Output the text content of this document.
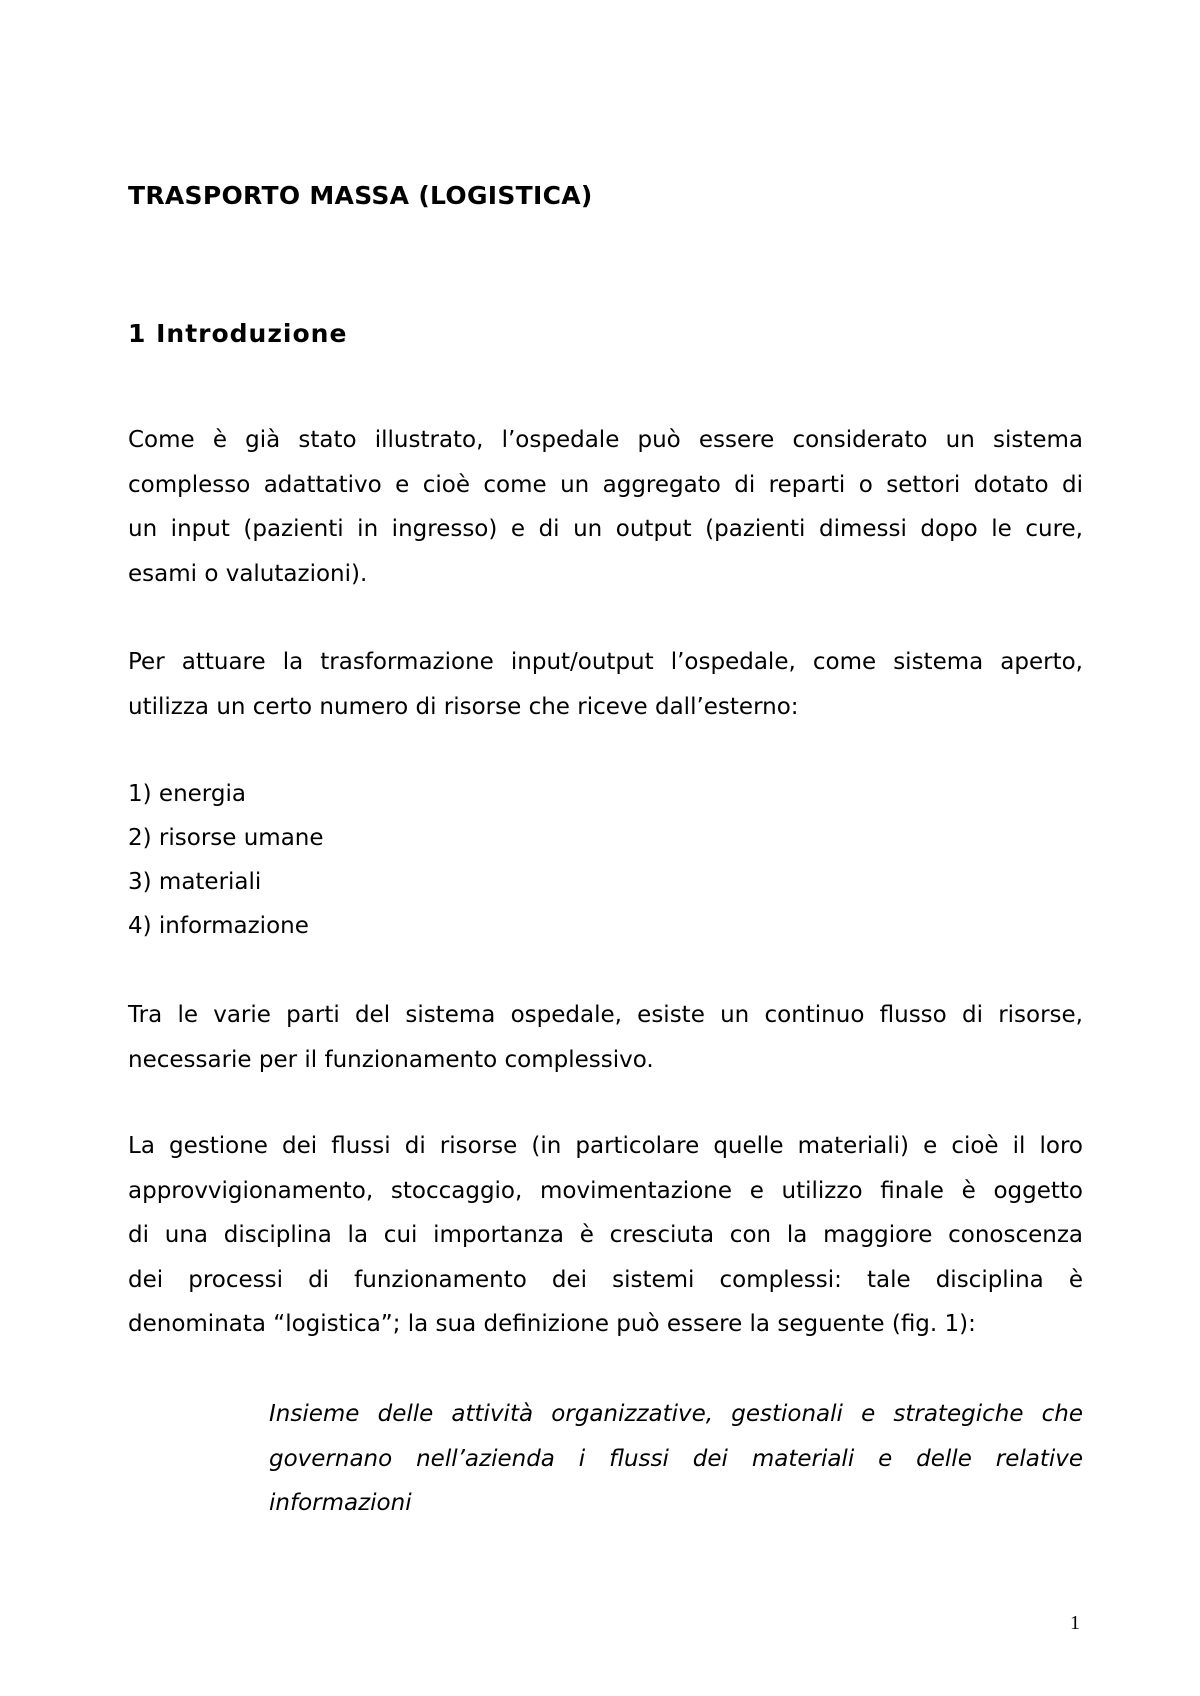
TRASPORTO MASSA (LOGISTICA)
1 Introduzione

Come è già stato illustrato, l’ospedale può essere considerato un sistema
complesso adattativo e cioè come un aggregato di reparti o settori dotato di
un input (pazienti in ingresso) e di un output (pazienti dimessi dopo le cure,
esami o valutazioni).

Per attuare la trasformazione input/output l’ospedale, come sistema aperto,
utilizza un certo numero di risorse che riceve dall’esterno:

1) energia
2) risorse umane
3) materiali
4) informazione

Tra le varie parti del sistema ospedale, esiste un continuo flusso di risorse,
necessarie per il funzionamento complessivo.

La gestione dei flussi di risorse (in particolare quelle materiali) e cioè il loro
approvvigionamento, stoccaggio, movimentazione e utilizzo finale è oggetto
di una disciplina la cui importanza è cresciuta con la maggiore conoscenza
dei processi di funzionamento dei sistemi complessi: tale disciplina è
denominata “logistica”; la sua definizione può essere la seguente (fig. 1):

Insieme delle attività organizzative, gestionali e strategiche che
governano nell’azienda i flussi dei materiali e delle relative
informazioni

1
